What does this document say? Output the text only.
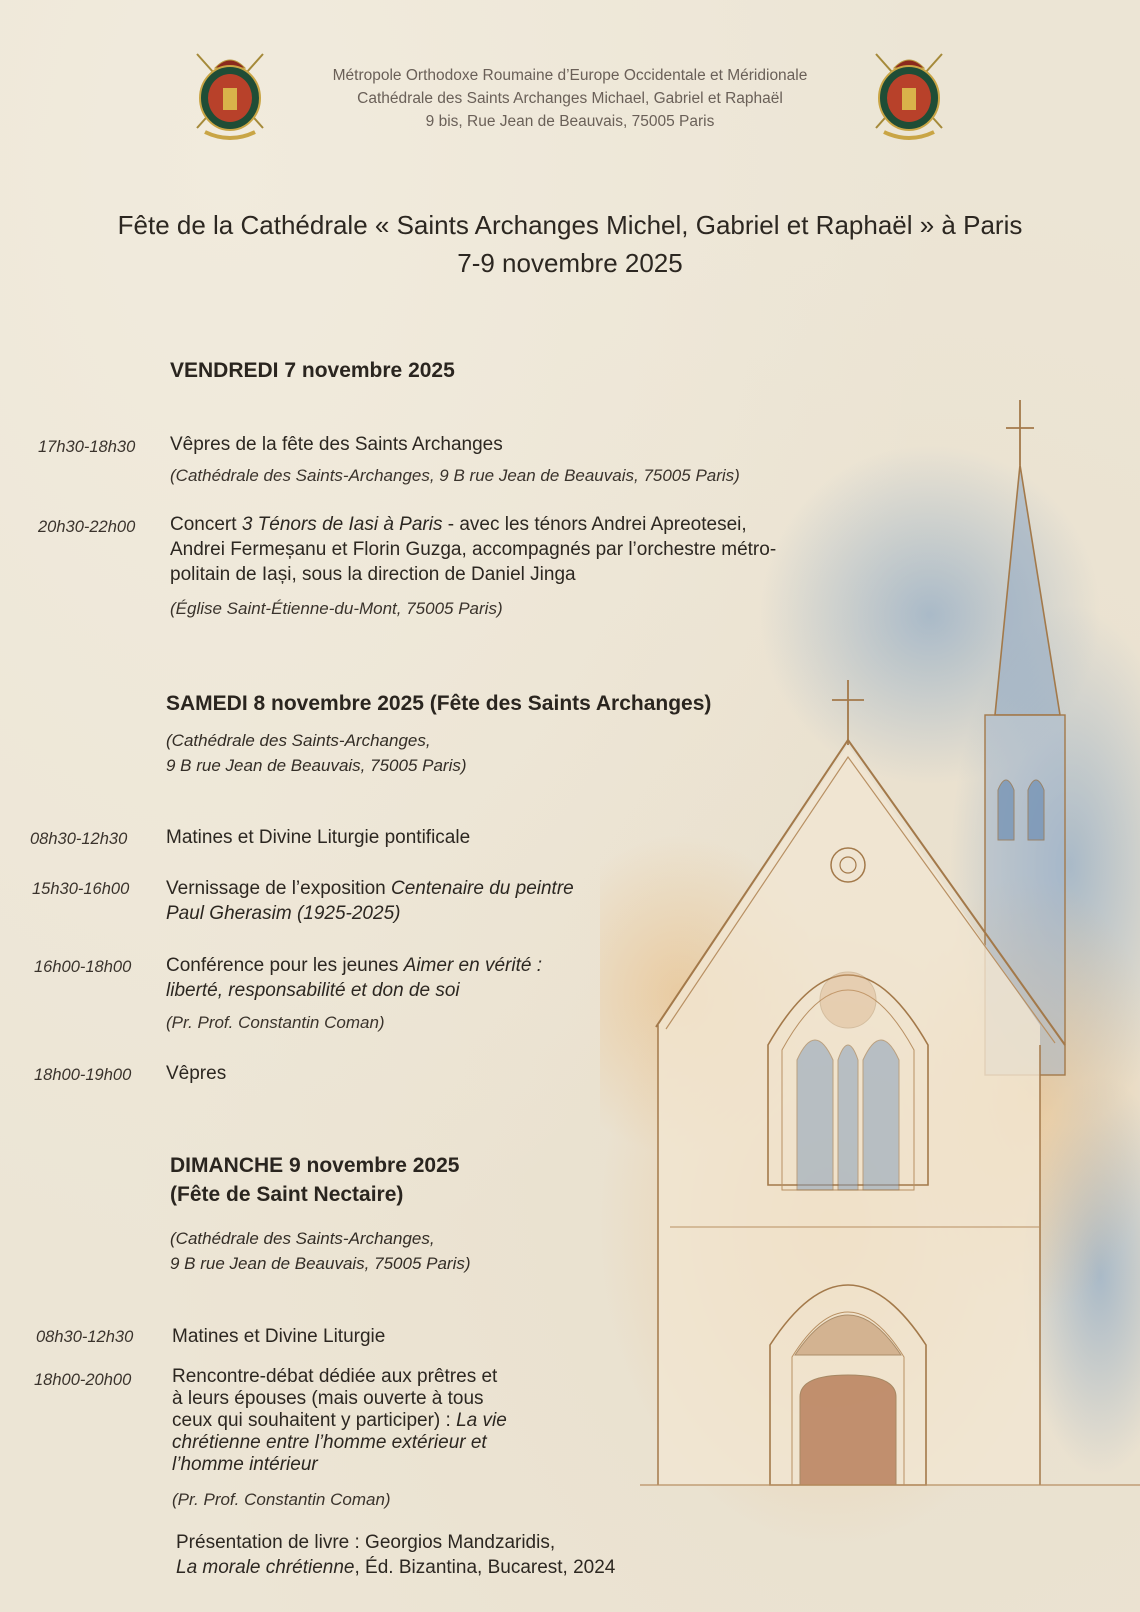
Métropole Orthodoxe Roumaine d’Europe Occidentale et Méridionale
Cathédrale des Saints Archanges Michael, Gabriel et Raphaël
9 bis, Rue Jean de Beauvais, 75005 Paris
Fête de la Cathédrale « Saints Archanges Michel, Gabriel et Raphaël » à Paris
7-9 novembre 2025
VENDREDI 7 novembre 2025
17h30-18h30 Vêpres de la fête des Saints Archanges
(Cathédrale des Saints-Archanges, 9 B rue Jean de Beauvais, 75005 Paris)
20h30-22h00 Concert 3 Ténors de Iasi à Paris - avec les ténors Andrei Apreotesei,
Andrei Fermeșanu et Florin Guzga, accompagnés par l’orchestre métro-
politain de Iași, sous la direction de Daniel Jinga
(Église Saint-Étienne-du-Mont, 75005 Paris)
SAMEDI 8 novembre 2025 (Fête des Saints Archanges)
(Cathédrale des Saints-Archanges,
9 B rue Jean de Beauvais, 75005 Paris)
08h30-12h30 Matines et Divine Liturgie pontificale
15h30-16h00 Vernissage de l’exposition Centenaire du peintre
Paul Gherasim (1925-2025)
16h00-18h00 Conférence pour les jeunes Aimer en vérité :
liberté, responsabilité et don de soi
(Pr. Prof. Constantin Coman)
18h00-19h00 Vêpres
DIMANCHE 9 novembre 2025
(Fête de Saint Nectaire)
(Cathédrale des Saints-Archanges,
9 B rue Jean de Beauvais, 75005 Paris)
08h30-12h30 Matines et Divine Liturgie
18h00-20h00 Rencontre-débat dédiée aux prêtres et
à leurs épouses (mais ouverte à tous
ceux qui souhaitent y participer) : La vie
chrétienne entre l’homme extérieur et
l’homme intérieur
(Pr. Prof. Constantin Coman)
Présentation de livre : Georgios Mandzaridis,
La morale chrétienne, Éd. Bizantina, Bucarest, 2024
